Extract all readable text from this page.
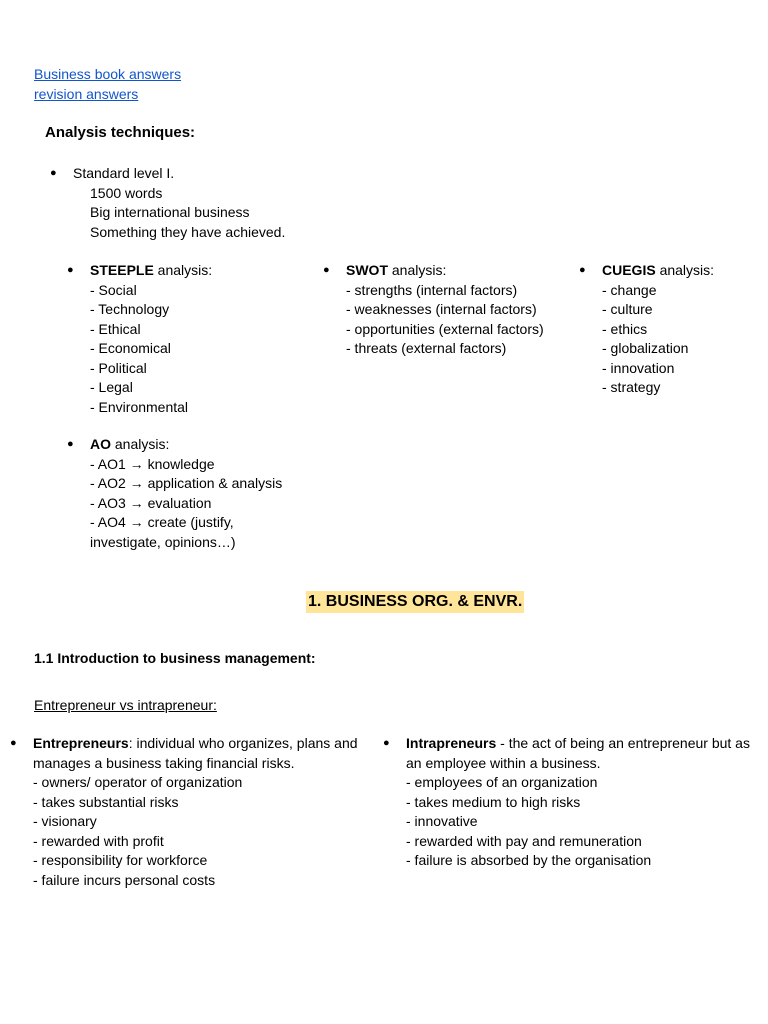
Business book answers
revision answers
Analysis techniques:
● Standard level I.
1500 words
Big international business
Something they have achieved.
● STEEPLE analysis:
- Social
- Technology
- Ethical
- Economical
- Political
- Legal
- Environmental
● SWOT analysis:
- strengths (internal factors)
- weaknesses (internal factors)
- opportunities (external factors)
- threats (external factors)
● CUEGIS analysis:
- change
- culture
- ethics
- globalization
- innovation
- strategy
● AO analysis:
- AO1 → knowledge
- AO2 → application & analysis
- AO3 → evaluation
- AO4 → create (justify,
investigate, opinions…)
1. BUSINESS ORG. & ENVR.
1.1 Introduction to business management:
Entrepreneur vs intrapreneur:
● Entrepreneurs: individual who organizes, plans and
manages a business taking financial risks.
- owners/ operator of organization
- takes substantial risks
- visionary
- rewarded with profit
- responsibility for workforce
- failure incurs personal costs
● Intrapreneurs - the act of being an entrepreneur but as
an employee within a business.
- employees of an organization
- takes medium to high risks
- innovative
- rewarded with pay and remuneration
- failure is absorbed by the organisation
